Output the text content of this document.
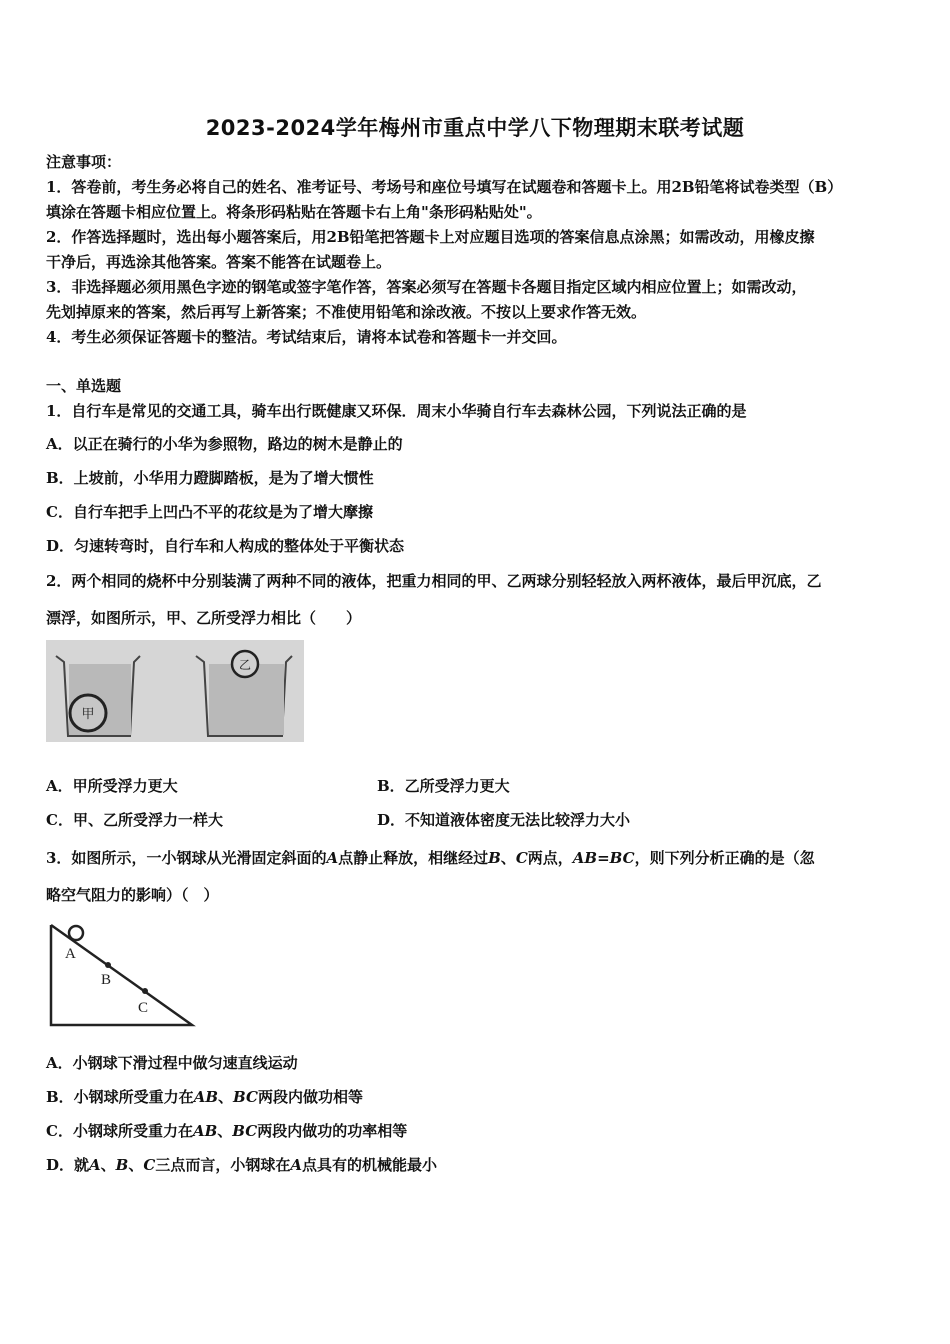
2023-2024学年梅州市重点中学八下物理期末联考试题
注意事项：
1．答卷前，考生务必将自己的姓名、准考证号、考场号和座位号填写在试题卷和答题卡上。用2B铅笔将试卷类型（B）
填涂在答题卡相应位置上。将条形码粘贴在答题卡右上角"条形码粘贴处"。
2．作答选择题时，选出每小题答案后，用2B铅笔把答题卡上对应题目选项的答案信息点涂黑；如需改动，用橡皮擦
干净后，再选涂其他答案。答案不能答在试题卷上。
3．非选择题必须用黑色字迹的钢笔或签字笔作答，答案必须写在答题卡各题目指定区域内相应位置上；如需改动，
先划掉原来的答案，然后再写上新答案；不准使用铅笔和涂改液。不按以上要求作答无效。
4．考生必须保证答题卡的整洁。考试结束后，请将本试卷和答题卡一并交回。
一、单选题
1．自行车是常见的交通工具，骑车出行既健康又环保．周末小华骑自行车去森林公园，下列说法正确的是
A．以正在骑行的小华为参照物，路边的树木是静止的
B．上坡前，小华用力蹬脚踏板，是为了增大惯性
C．自行车把手上凹凸不平的花纹是为了增大摩擦
D．匀速转弯时，自行车和人构成的整体处于平衡状态
2．两个相同的烧杯中分别装满了两种不同的液体，把重力相同的甲、乙两球分别轻轻放入两杯液体，最后甲沉底，乙
漂浮，如图所示，甲、乙所受浮力相比（　　）
甲
乙
A．甲所受浮力更大	B．乙所受浮力更大
C．甲、乙所受浮力一样大	D．不知道液体密度无法比较浮力大小
3．如图所示，一小钢球从光滑固定斜面的A点静止释放，相继经过B、C两点，AB=BC，则下列分析正确的是（忽
略空气阻力的影响）（　）
A
B
C
A．小钢球下滑过程中做匀速直线运动
B．小钢球所受重力在AB、BC两段内做功相等
C．小钢球所受重力在AB、BC两段内做功的功率相等
D．就A、B、C三点而言，小钢球在A点具有的机械能最小
